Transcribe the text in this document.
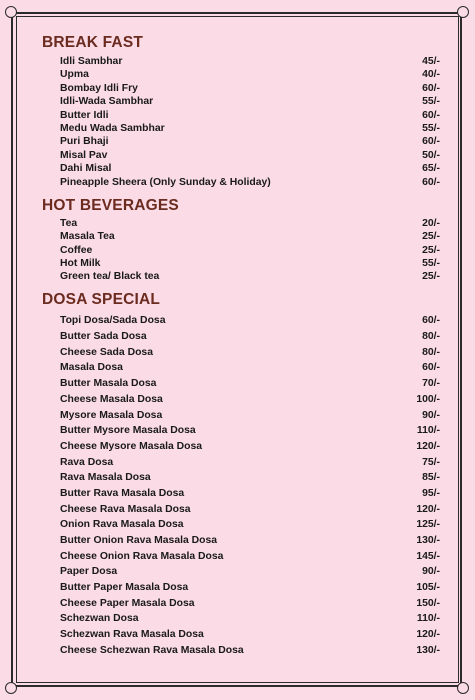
BREAK FAST
Idli Sambhar	45/-
Upma	40/-
Bombay Idli Fry	60/-
Idli-Wada Sambhar	55/-
Butter Idli	60/-
Medu Wada Sambhar	55/-
Puri Bhaji	60/-
Misal Pav	50/-
Dahi Misal	65/-
Pineapple Sheera (Only Sunday & Holiday)	60/-
HOT BEVERAGES
Tea	20/-
Masala Tea	25/-
Coffee	25/-
Hot Milk	55/-
Green tea/ Black tea	25/-
DOSA SPECIAL
Topi Dosa/Sada Dosa	60/-
Butter Sada Dosa	80/-
Cheese Sada Dosa	80/-
Masala Dosa	60/-
Butter Masala Dosa	70/-
Cheese Masala Dosa	100/-
Mysore Masala Dosa	90/-
Butter Mysore Masala Dosa	110/-
Cheese Mysore Masala Dosa	120/-
Rava Dosa	75/-
Rava Masala Dosa	85/-
Butter Rava Masala Dosa	95/-
Cheese Rava Masala Dosa	120/-
Onion Rava Masala Dosa	125/-
Butter Onion Rava Masala Dosa	130/-
Cheese Onion Rava Masala Dosa	145/-
Paper Dosa	90/-
Butter Paper Masala Dosa	105/-
Cheese Paper Masala Dosa	150/-
Schezwan Dosa	110/-
Schezwan Rava Masala Dosa	120/-
Cheese Schezwan Rava Masala Dosa	130/-
